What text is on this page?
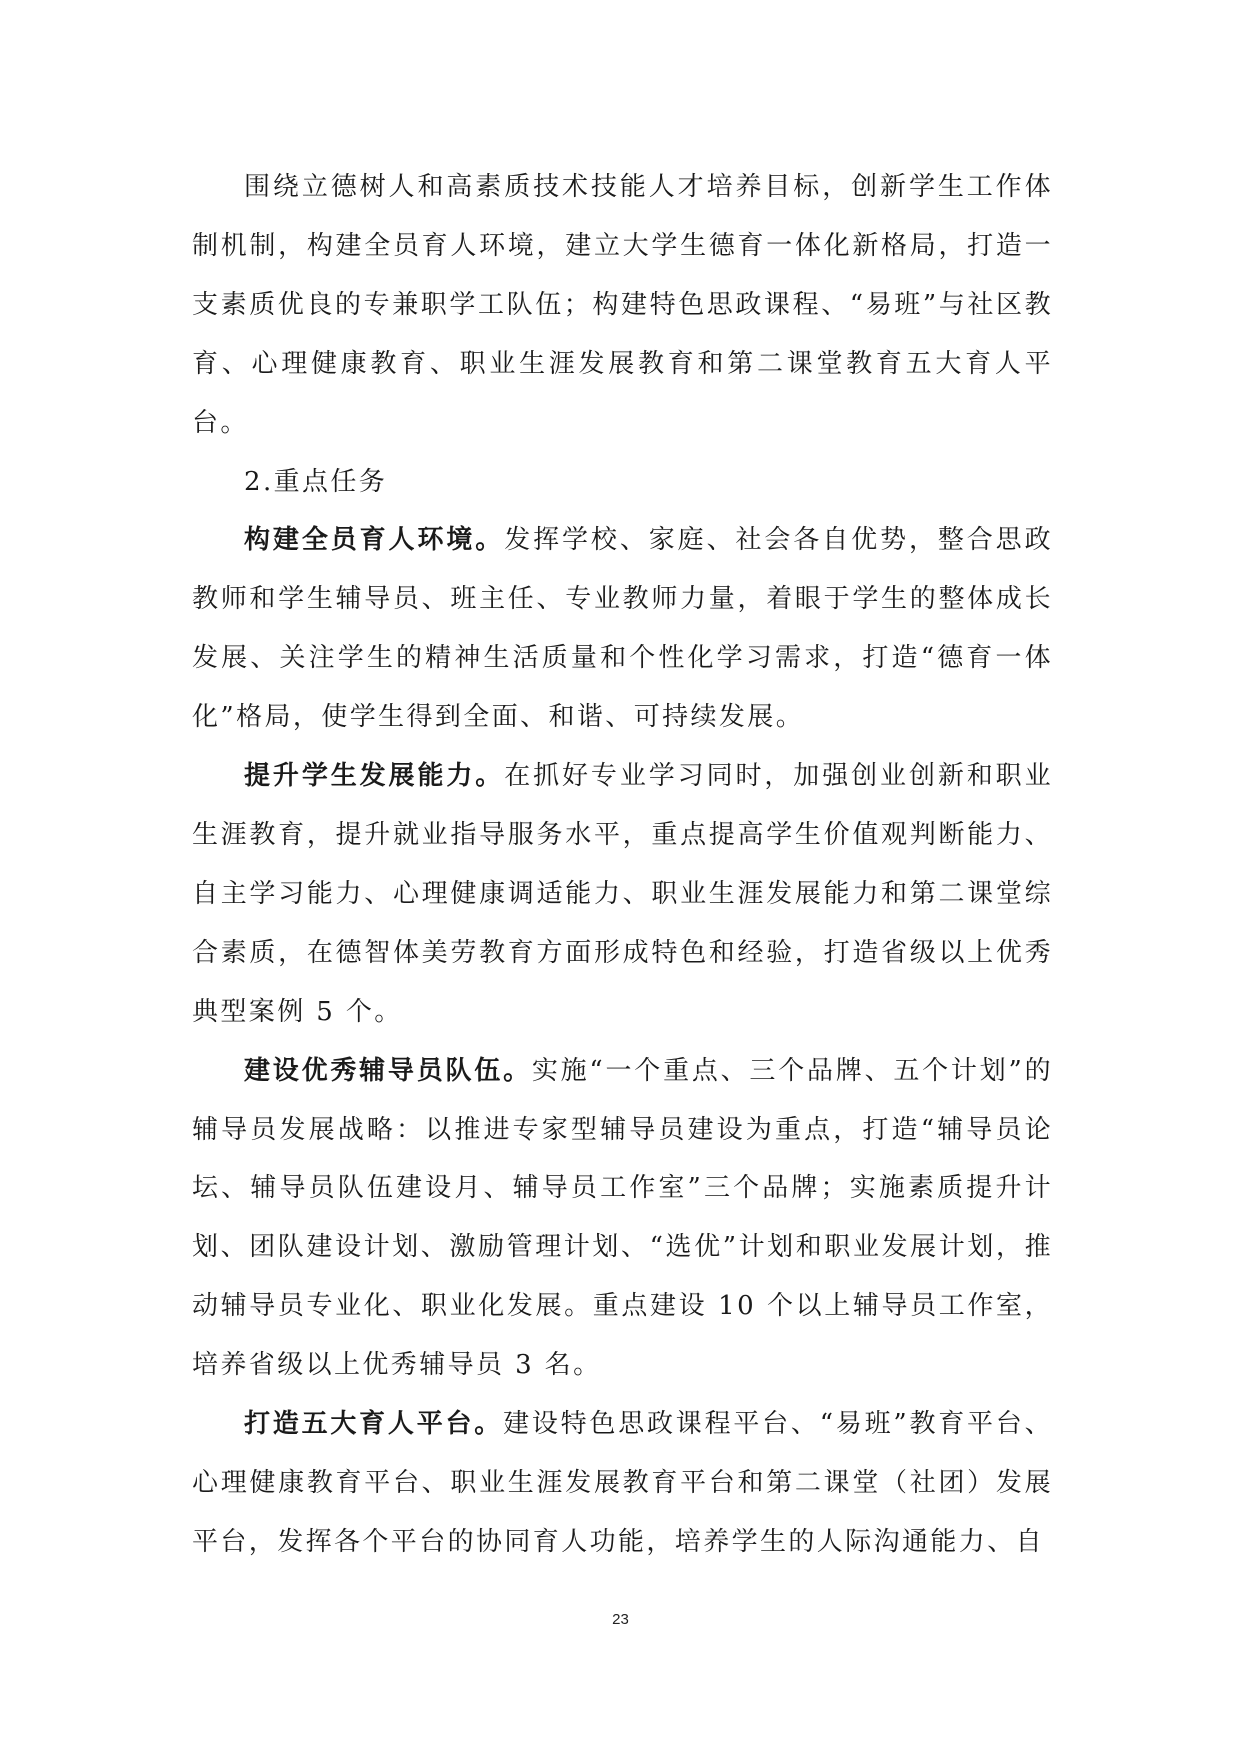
围绕立德树人和高素质技术技能人才培养目标，创新学生工作体制机制，构建全员育人环境，建立大学生德育一体化新格局，打造一支素质优良的专兼职学工队伍；构建特色思政课程、“易班”与社区教育、心理健康教育、职业生涯发展教育和第二课堂教育五大育人平台。

2.重点任务

构建全员育人环境。发挥学校、家庭、社会各自优势，整合思政教师和学生辅导员、班主任、专业教师力量，着眼于学生的整体成长发展、关注学生的精神生活质量和个性化学习需求，打造“德育一体化”格局，使学生得到全面、和谐、可持续发展。

提升学生发展能力。在抓好专业学习同时，加强创业创新和职业生涯教育，提升就业指导服务水平，重点提高学生价值观判断能力、自主学习能力、心理健康调适能力、职业生涯发展能力和第二课堂综合素质，在德智体美劳教育方面形成特色和经验，打造省级以上优秀典型案例 5 个。

建设优秀辅导员队伍。实施“一个重点、三个品牌、五个计划”的辅导员发展战略：以推进专家型辅导员建设为重点，打造“辅导员论坛、辅导员队伍建设月、辅导员工作室”三个品牌；实施素质提升计划、团队建设计划、激励管理计划、“选优”计划和职业发展计划，推动辅导员专业化、职业化发展。重点建设 10 个以上辅导员工作室，培养省级以上优秀辅导员 3 名。

打造五大育人平台。建设特色思政课程平台、“易班”教育平台、心理健康教育平台、职业生涯发展教育平台和第二课堂（社团）发展平台，发挥各个平台的协同育人功能，培养学生的人际沟通能力、自

23
